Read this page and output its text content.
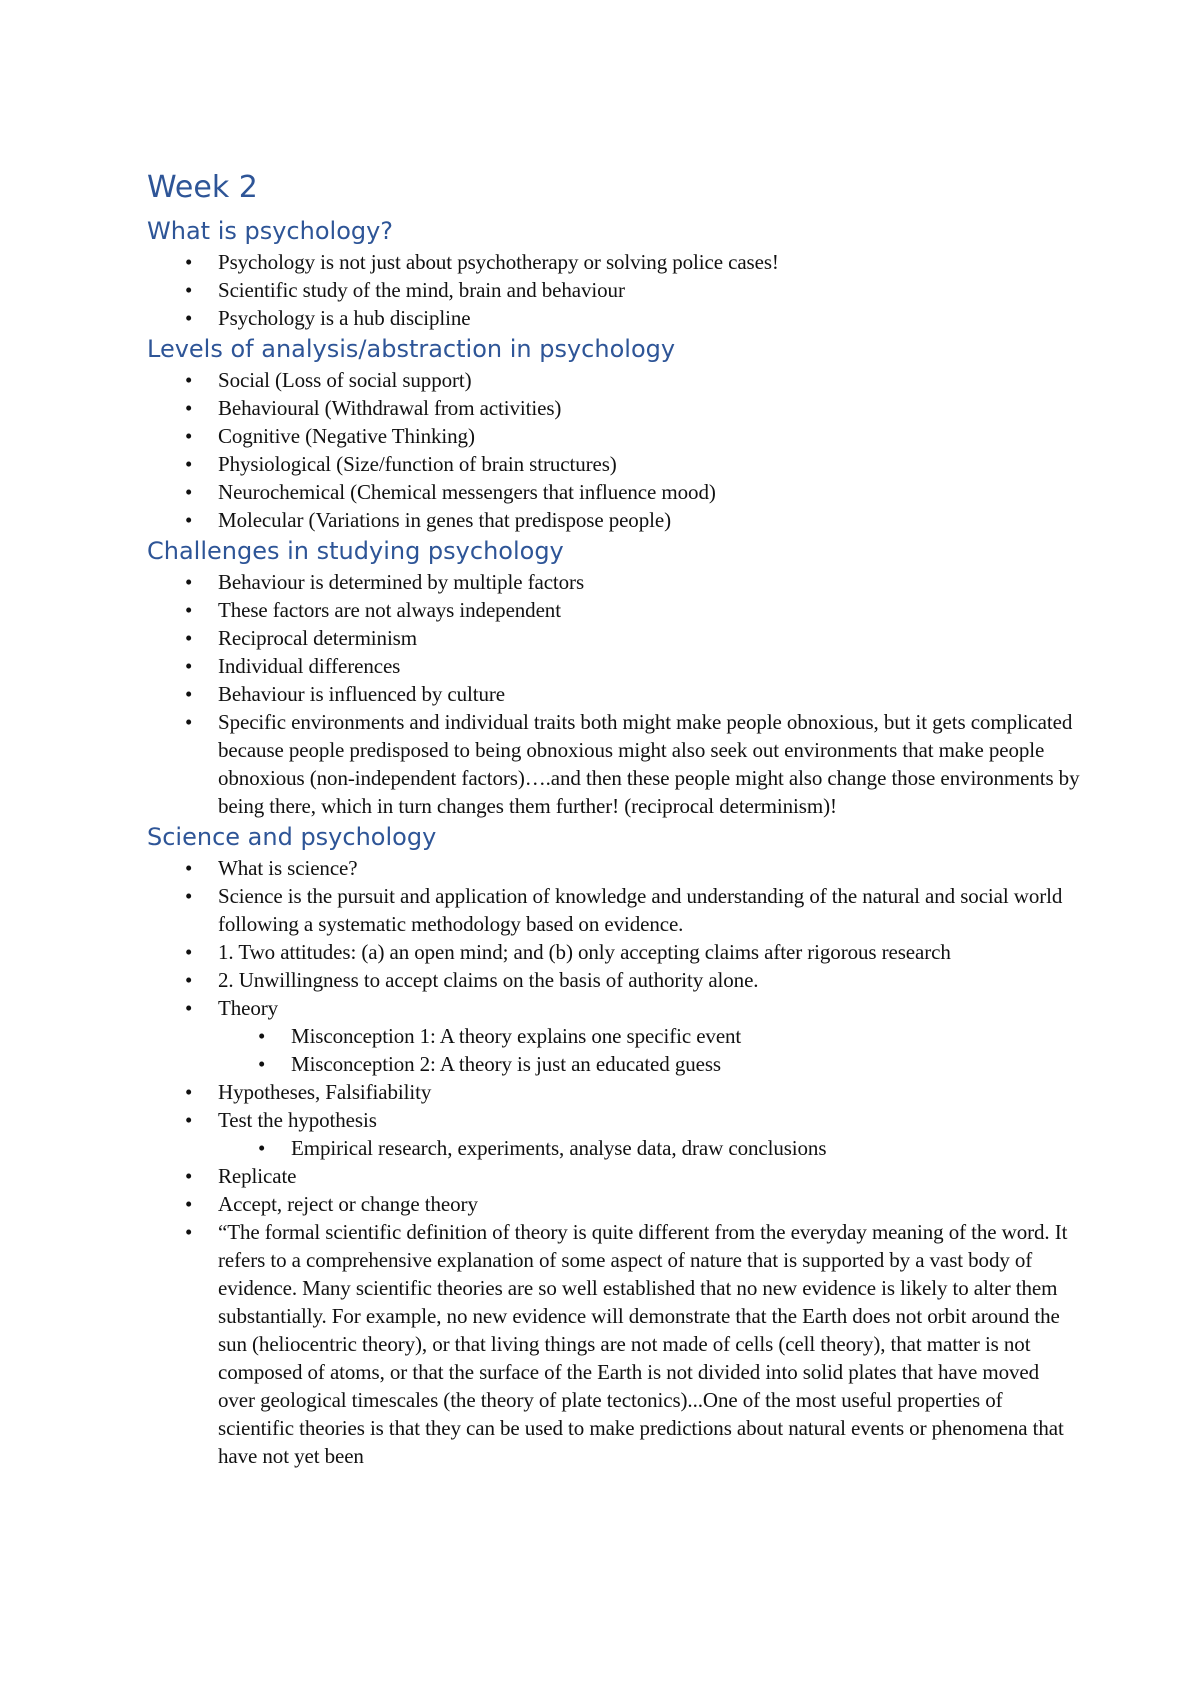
Week 2
What is psychology?
• Psychology is not just about psychotherapy or solving police cases!
• Scientific study of the mind, brain and behaviour
• Psychology is a hub discipline
Levels of analysis/abstraction in psychology
• Social (Loss of social support)
• Behavioural (Withdrawal from activities)
• Cognitive (Negative Thinking)
• Physiological (Size/function of brain structures)
• Neurochemical (Chemical messengers that influence mood)
• Molecular (Variations in genes that predispose people)
Challenges in studying psychology
• Behaviour is determined by multiple factors
• These factors are not always independent
• Reciprocal determinism
• Individual differences
• Behaviour is influenced by culture
• Specific environments and individual traits both might make people obnoxious, but it gets complicated because people predisposed to being obnoxious might also seek out environments that make people obnoxious (non-independent factors)….and then these people might also change those environments by being there, which in turn changes them further! (reciprocal determinism)!
Science and psychology
• What is science?
• Science is the pursuit and application of knowledge and understanding of the natural and social world following a systematic methodology based on evidence.
• 1. Two attitudes: (a) an open mind; and (b) only accepting claims after rigorous research
• 2. Unwillingness to accept claims on the basis of authority alone.
• Theory
• Misconception 1: A theory explains one specific event
• Misconception 2: A theory is just an educated guess
• Hypotheses, Falsifiability
• Test the hypothesis
• Empirical research, experiments, analyse data, draw conclusions
• Replicate
• Accept, reject or change theory
• “The formal scientific definition of theory is quite different from the everyday meaning of the word. It refers to a comprehensive explanation of some aspect of nature that is supported by a vast body of evidence. Many scientific theories are so well established that no new evidence is likely to alter them substantially. For example, no new evidence will demonstrate that the Earth does not orbit around the sun (heliocentric theory), or that living things are not made of cells (cell theory), that matter is not composed of atoms, or that the surface of the Earth is not divided into solid plates that have moved over geological timescales (the theory of plate tectonics)...One of the most useful properties of scientific theories is that they can be used to make predictions about natural events or phenomena that have not yet been
